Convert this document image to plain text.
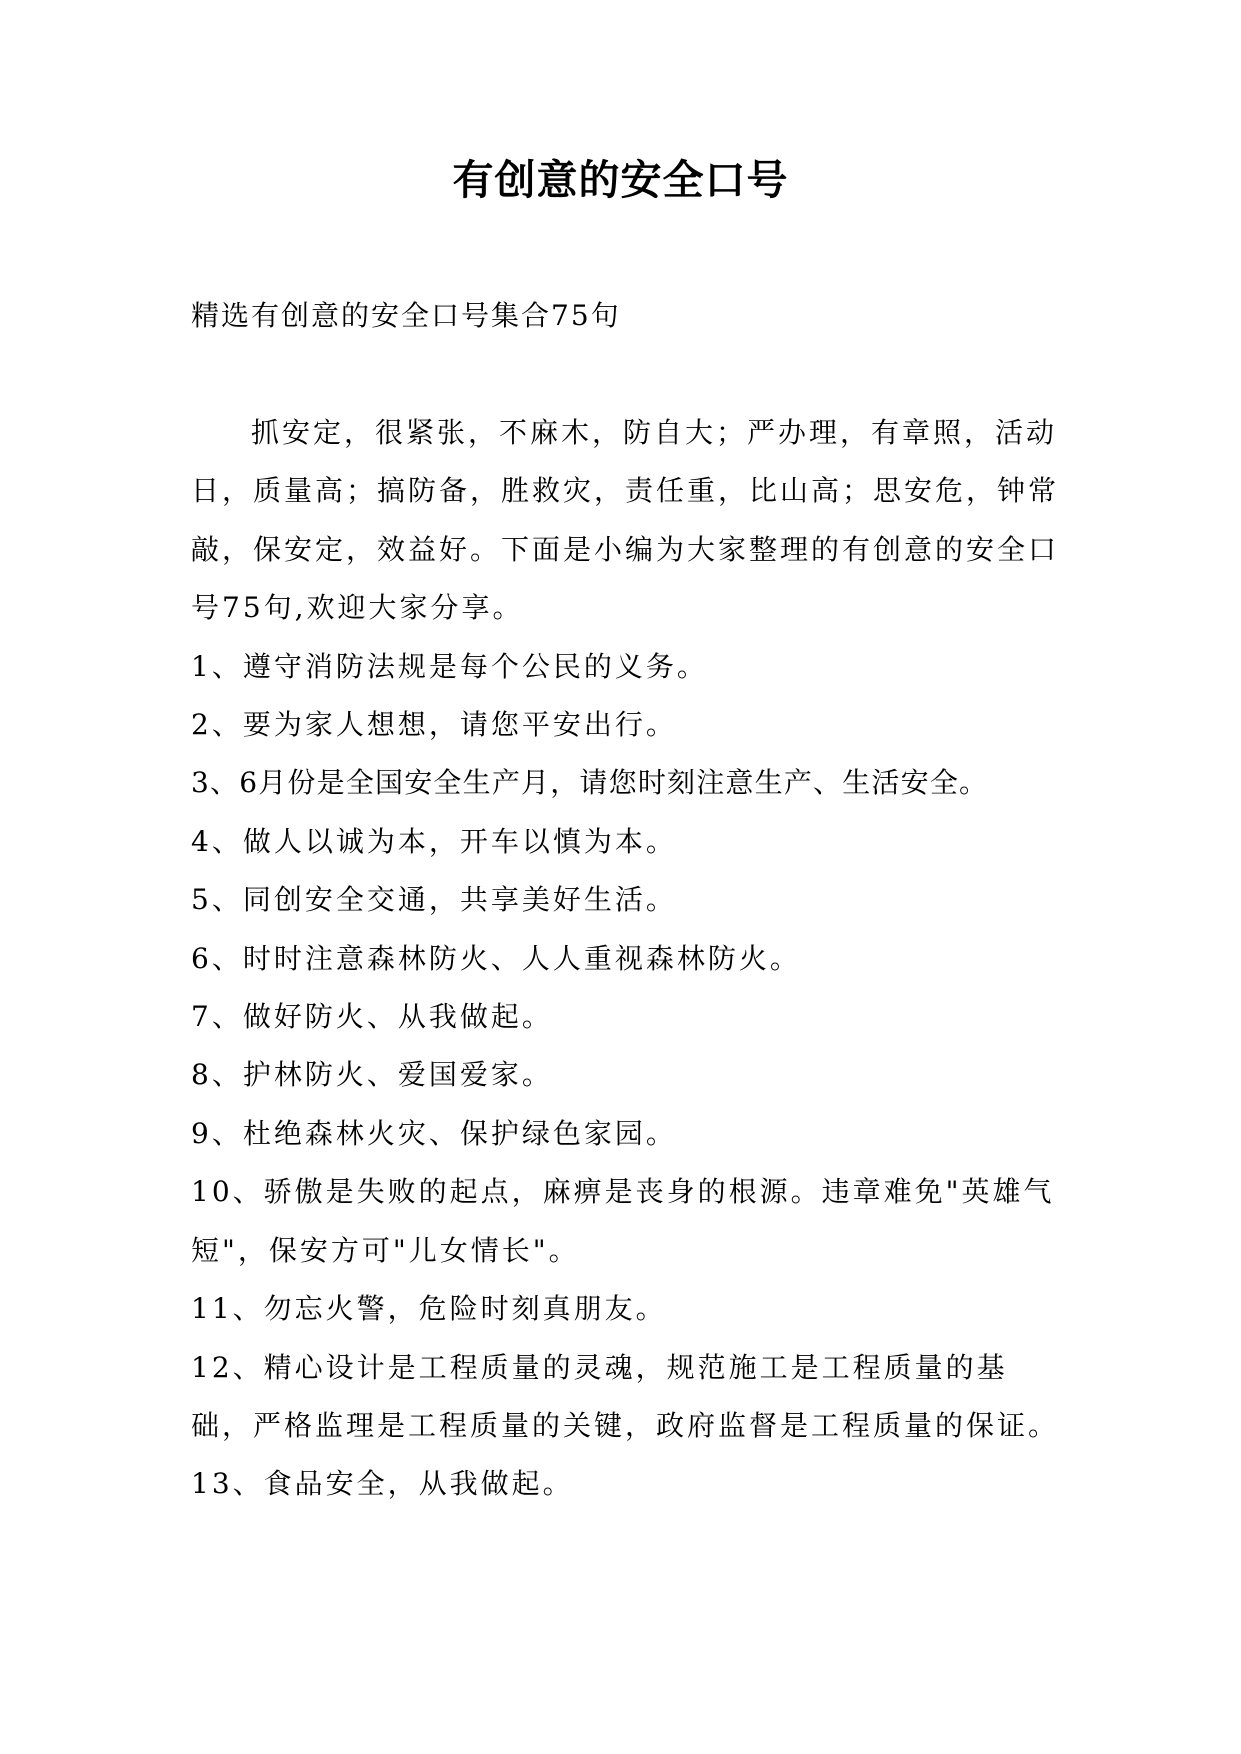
有创意的安全口号
精选有创意的安全口号集合75句

抓安定，很紧张，不麻木，防自大；严办理，有章照，活动日，质量高；搞防备，胜救灾，责任重，比山高；思安危，钟常敲，保安定，效益好。下面是小编为大家整理的有创意的安全口号75句,欢迎大家分享。

1、遵守消防法规是每个公民的义务。

2、要为家人想想，请您平安出行。

3、6月份是全国安全生产月，请您时刻注意生产、生活安全。

4、做人以诚为本，开车以慎为本。

5、同创安全交通，共享美好生活。

6、时时注意森林防火、人人重视森林防火。

7、做好防火、从我做起。

8、护林防火、爱国爱家。

9、杜绝森林火灾、保护绿色家园。

10、骄傲是失败的起点，麻痹是丧身的根源。违章难免"英雄气短"，保安方可"儿女情长"。

11、勿忘火警，危险时刻真朋友。

12、精心设计是工程质量的灵魂，规范施工是工程质量的基础，严格监理是工程质量的关键，政府监督是工程质量的保证。

13、食品安全，从我做起。
